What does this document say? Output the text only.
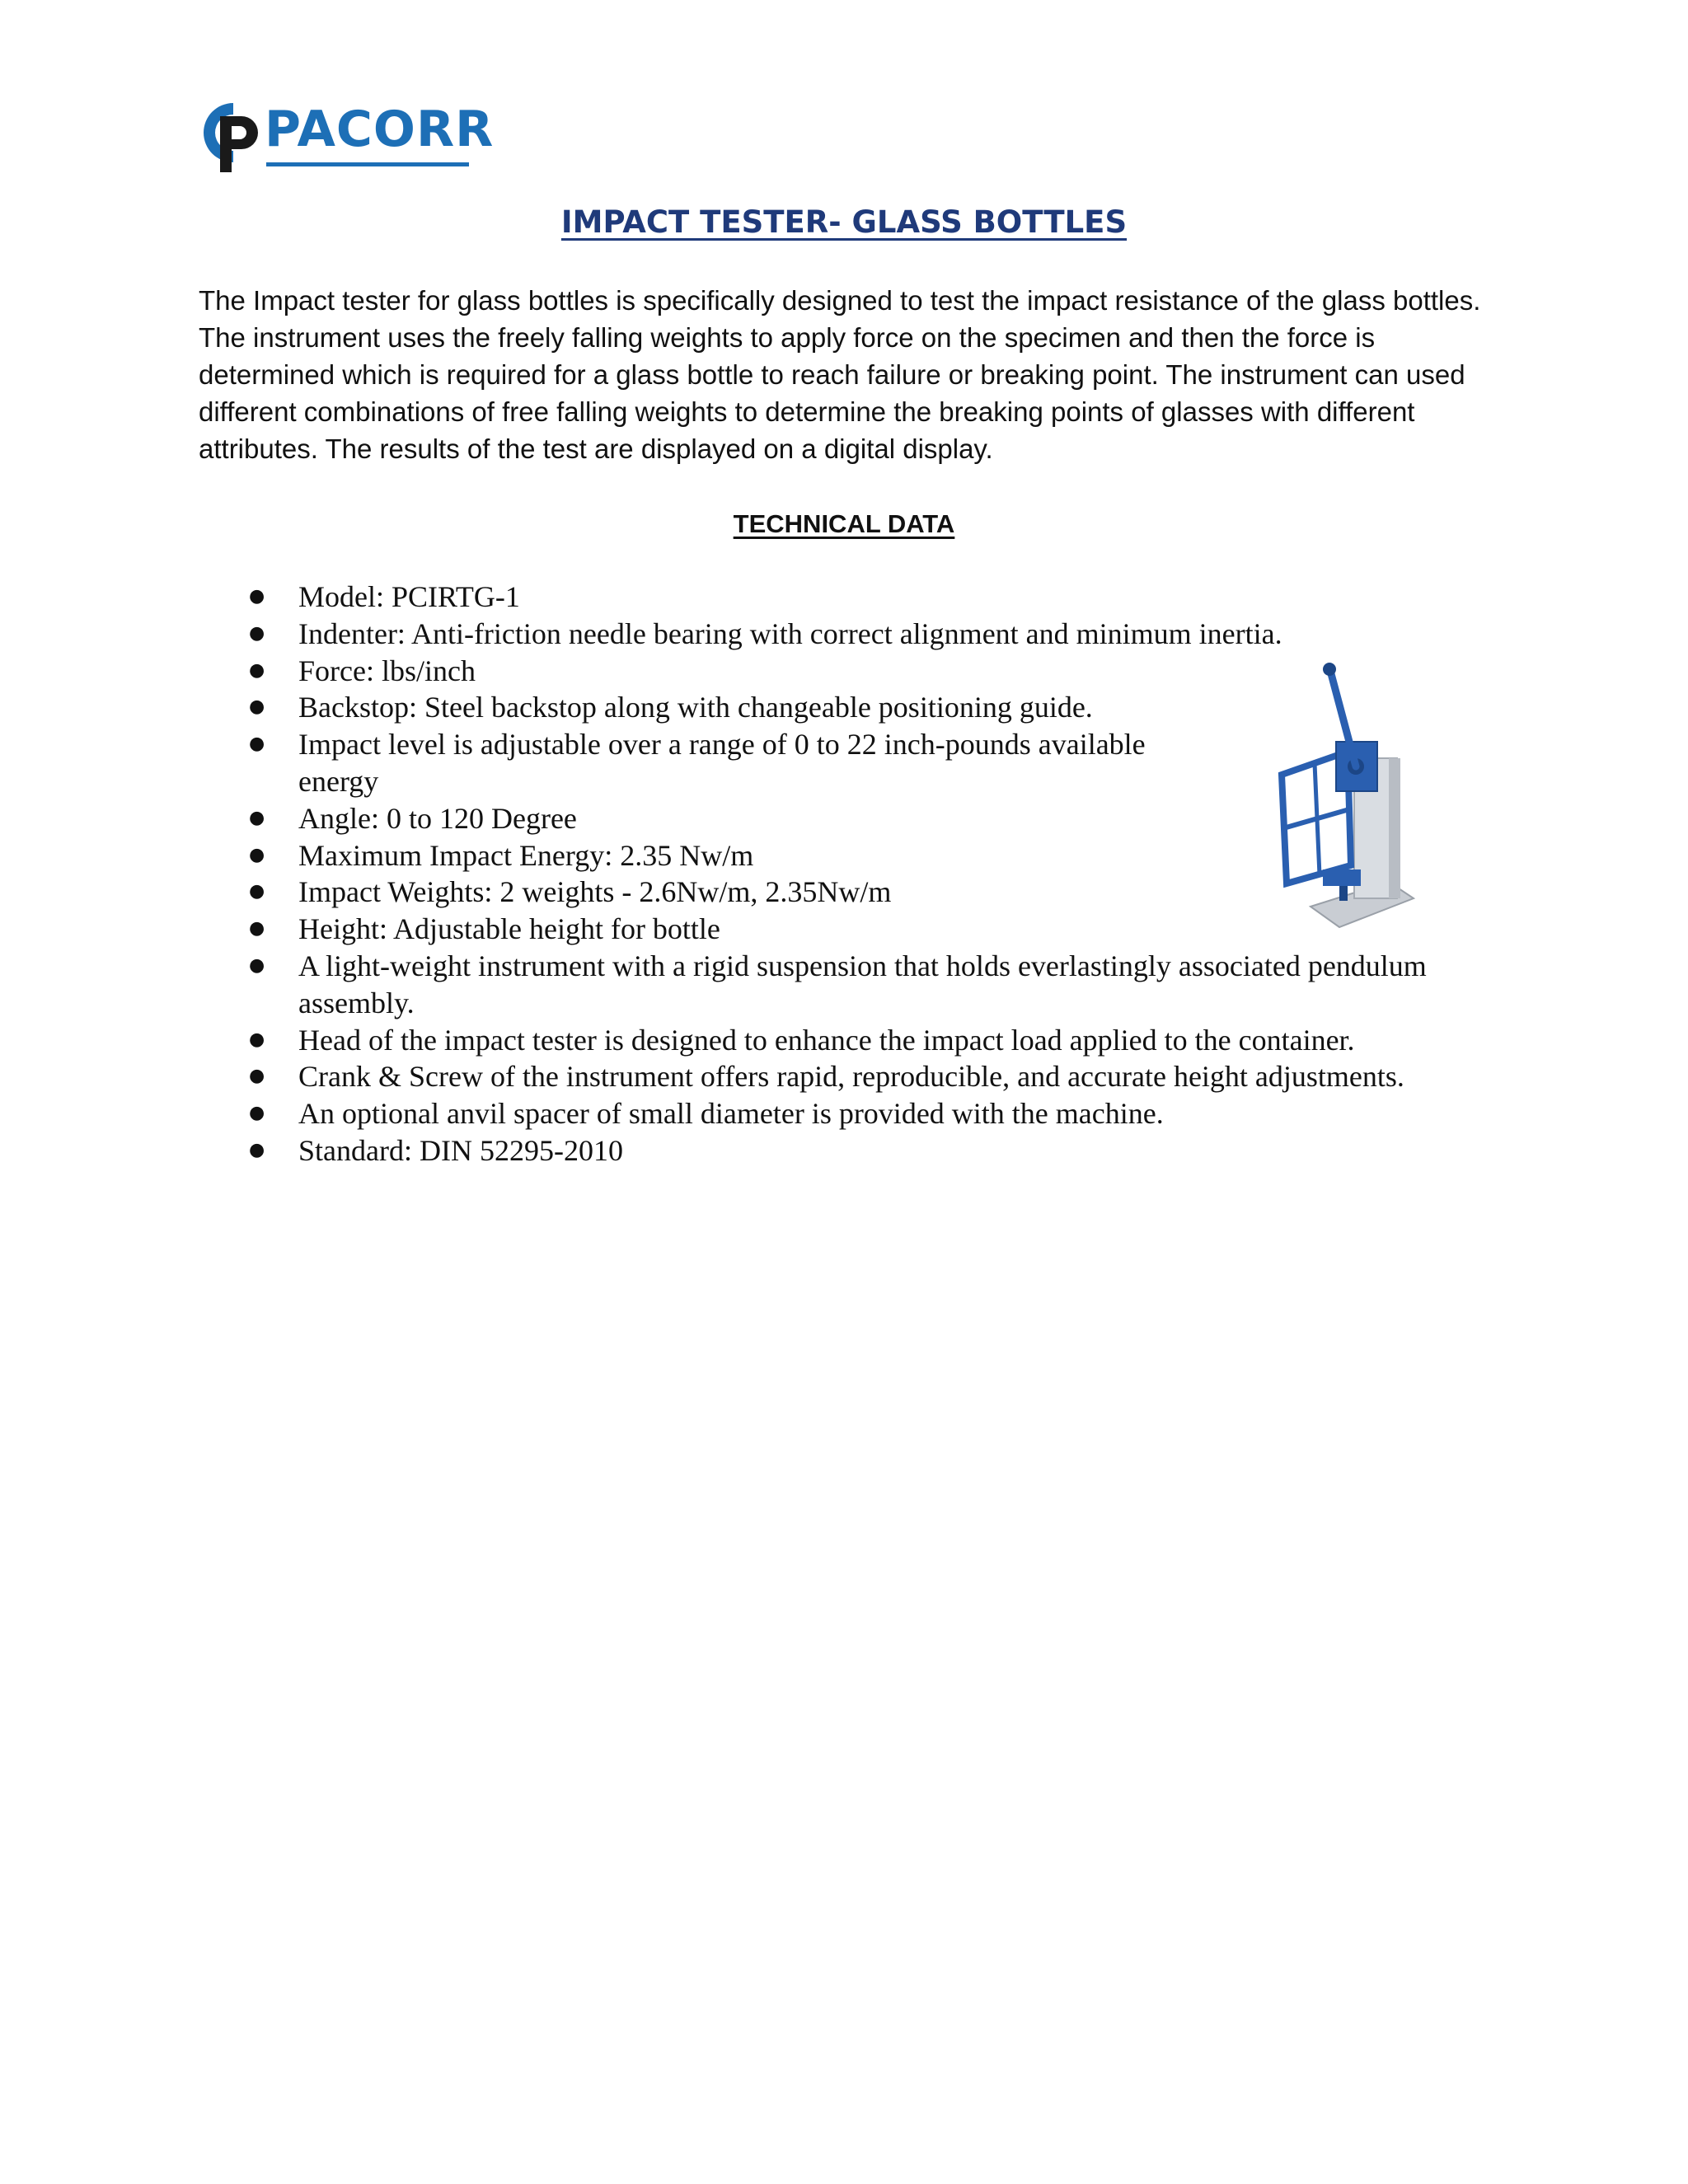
PACORR
IMPACT TESTER- GLASS BOTTLES

The Impact tester for glass bottles is specifically designed to test the impact resistance of the glass bottles. The instrument uses the freely falling weights to apply force on the specimen and then the force is determined which is required for a glass bottle to reach failure or breaking point. The instrument can used different combinations of free falling weights to determine the breaking points of glasses with different attributes. The results of the test are displayed on a digital display.

TECHNICAL DATA
● Model: PCIRTG-1
● Indenter: Anti-friction needle bearing with correct alignment and minimum inertia.
● Force: lbs/inch
● Backstop: Steel backstop along with changeable positioning guide.
● Impact level is adjustable over a range of 0 to 22 inch-pounds available energy
● Angle: 0 to 120 Degree
● Maximum Impact Energy: 2.35 Nw/m
● Impact Weights: 2 weights - 2.6Nw/m, 2.35Nw/m
● Height: Adjustable height for bottle
● A light-weight instrument with a rigid suspension that holds everlastingly associated pendulum assembly.
● Head of the impact tester is designed to enhance the impact load applied to the container.
● Crank & Screw of the instrument offers rapid, reproducible, and accurate height adjustments.
● An optional anvil spacer of small diameter is provided with the machine.
● Standard: DIN 52295-2010
